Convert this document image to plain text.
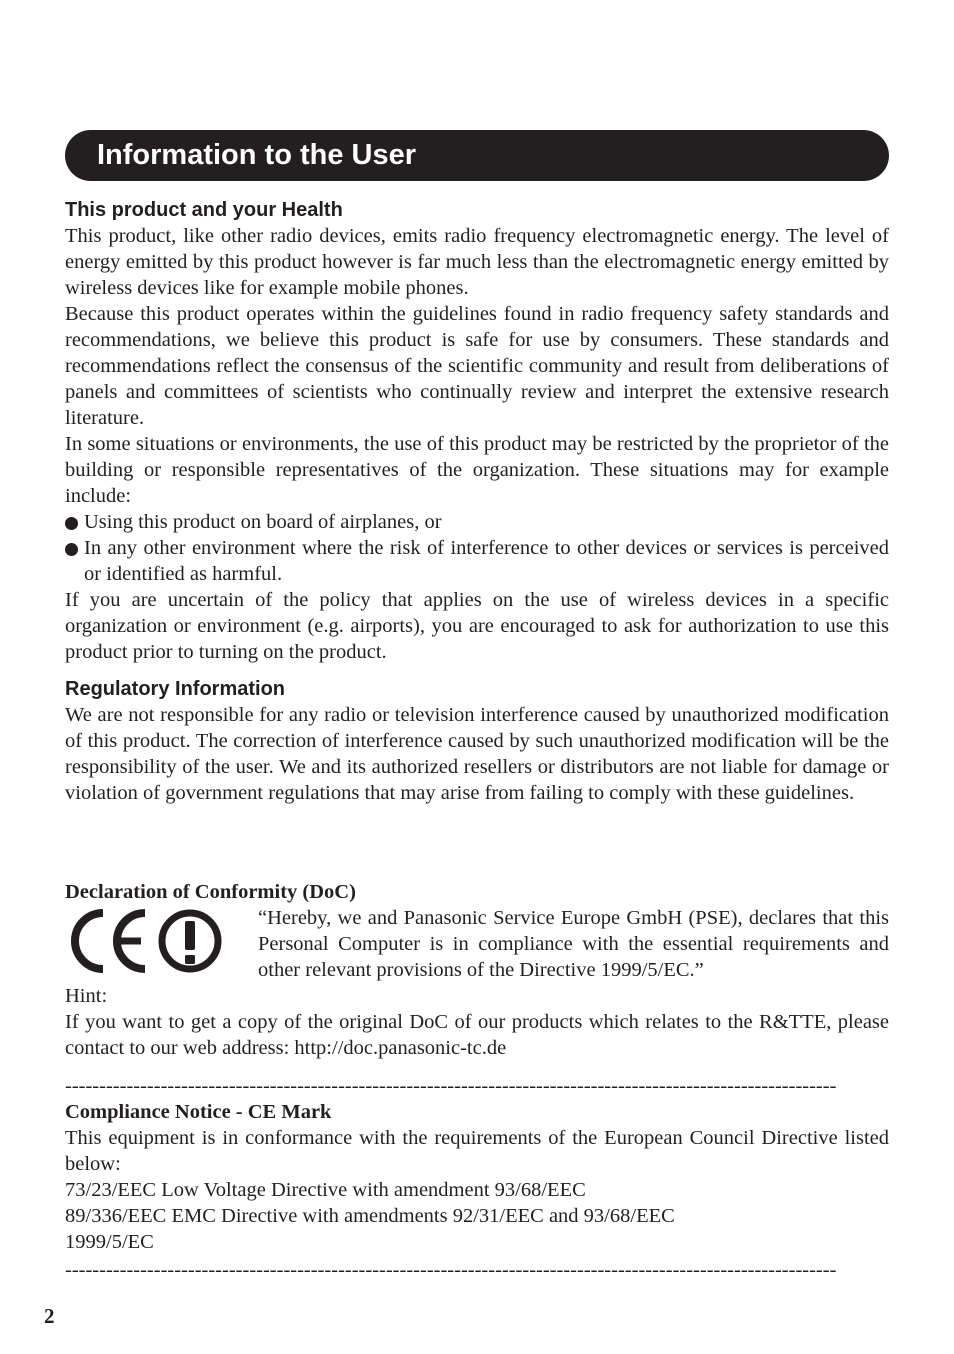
Information to the User
This product and your Health

This product, like other radio devices, emits radio frequency electromagnetic energy. The level of energy emitted by this product however is far much less than the electromagnetic energy emitted by wireless devices like for example mobile phones.

Because this product operates within the guidelines found in radio frequency safety standards and recommendations, we believe this product is safe for use by consumers. These standards and recommendations reflect the consensus of the scientific community and result from deliberations of panels and committees of scientists who continually review and interpret the extensive research literature.

In some situations or environments, the use of this product may be restricted by the proprietor of the building or responsible representatives of the organization. These situations may for example include:

Using this product on board of airplanes, or
In any other environment where the risk of interference to other devices or services is perceived or identified as harmful.

If you are uncertain of the policy that applies on the use of wireless devices in a specific organization or environment (e.g. airports), you are encouraged to ask for authorization to use this product prior to turning on the product.

Regulatory Information

We are not responsible for any radio or television interference caused by unauthorized modification of this product. The correction of interference caused by such unauthorized modification will be the responsibility of the user. We and its authorized resellers or distributors are not liable for damage or violation of government regulations that may arise from failing to comply with these guidelines.

Declaration of Conformity (DoC)
“Hereby, we and Panasonic Service Europe GmbH (PSE), declares that this Personal Computer is in compliance with the essential requirements and other relevant provisions of the Directive 1999/5/EC.”

Hint:

If you want to get a copy of the original DoC of our products which relates to the R&TTE, please contact to our web address: http://doc.panasonic-tc.de

-----------------------------------------------------------------------------------------------------------------
Compliance Notice - CE Mark

This equipment is in conformance with the requirements of the European Council Directive listed below:

73/23/EEC Low Voltage Directive with amendment 93/68/EEC

89/336/EEC EMC Directive with amendments 92/31/EEC and 93/68/EEC

1999/5/EC

-----------------------------------------------------------------------------------------------------------------
2
